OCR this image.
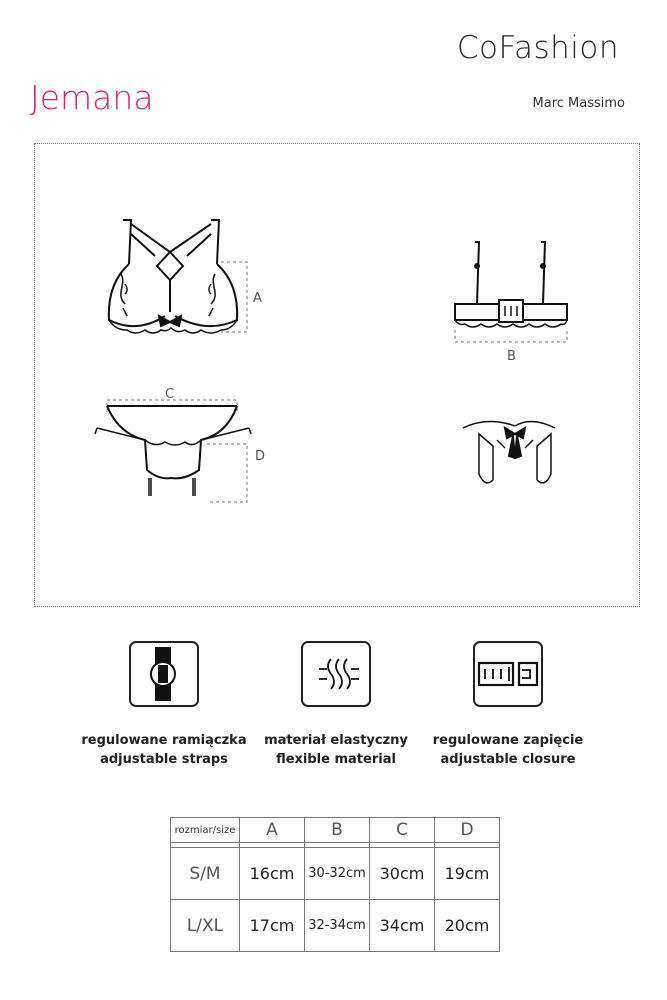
CoFashion
Jemana	Marc Massimo
A
B
C
D
regulowane ramiączka
adjustable straps
materiał elastyczny
flexible material
regulowane zapięcie
adjustable closure
rozmiar/size	A	B	C	D

S/M	16cm	30-32cm	30cm	19cm
L/XL	17cm	32-34cm	34cm	20cm
